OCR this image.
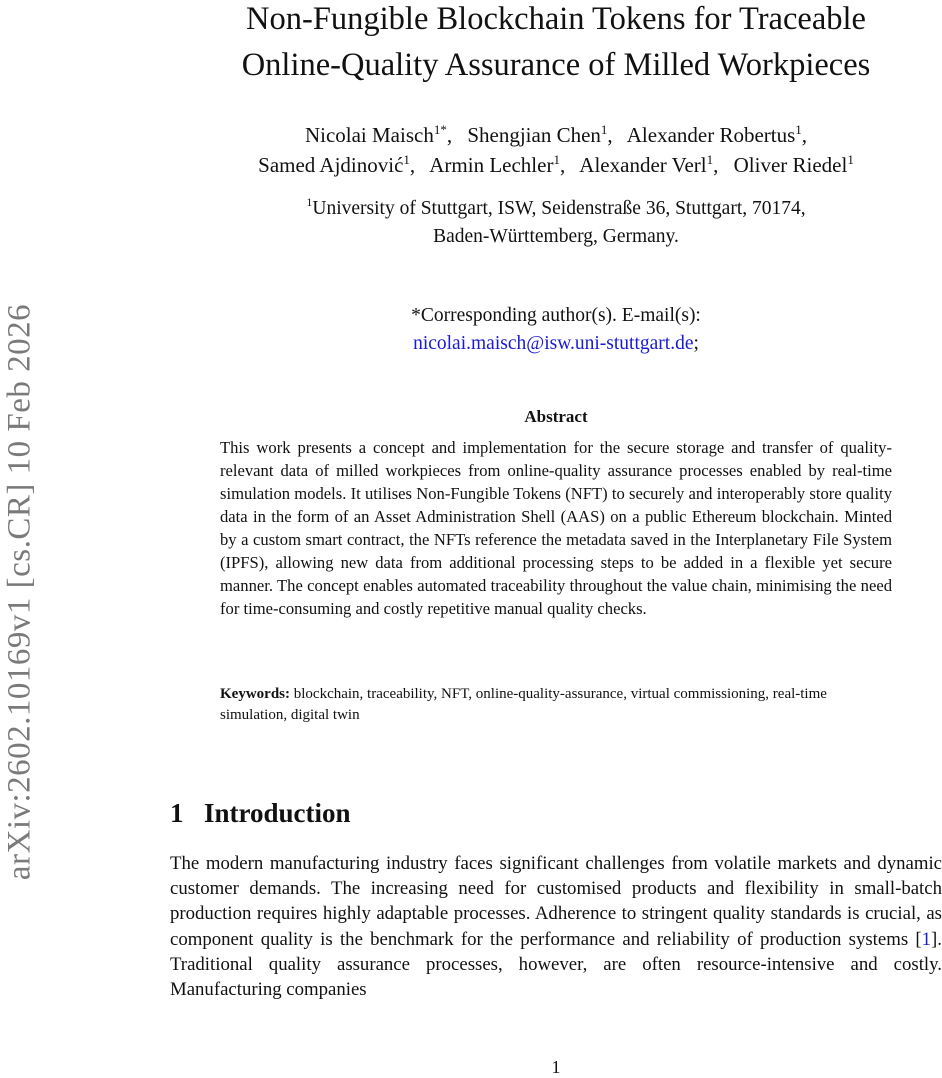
arXiv:2602.10169v1 [cs.CR] 10 Feb 2026
Non-Fungible Blockchain Tokens for Traceable
Online-Quality Assurance of Milled Workpieces
Nicolai Maisch$^{1*}$, Shengjian Chen$^1$, Alexander Robertus$^1$,
Samed Ajdinović$^1$, Armin Lechler$^1$, Alexander Verl$^1$, Oliver Riedel$^1$
$^1$University of Stuttgart, ISW, Seidenstraße 36, Stuttgart, 70174,
Baden-Württemberg, Germany.
*Corresponding author(s). E-mail(s):
nicolai.maisch@isw.uni-stuttgart.de;
Abstract
This work presents a concept and implementation for the secure storage and transfer of quality-relevant data of milled workpieces from online-quality assurance processes enabled by real-time simulation models. It utilises Non-Fungible Tokens (NFT) to securely and interoperably store quality data in the form of an Asset Administration Shell (AAS) on a public Ethereum blockchain. Minted by a custom smart contract, the NFTs reference the metadata saved in the Interplanetary File System (IPFS), allowing new data from additional processing steps to be added in a flexible yet secure manner. The concept enables automated traceability throughout the value chain, minimising the need for time-consuming and costly repetitive manual quality checks.
Keywords: blockchain, traceability, NFT, online-quality-assurance, virtual commissioning, real-time simulation, digital twin
1 Introduction
The modern manufacturing industry faces significant challenges from volatile markets and dynamic customer demands. The increasing need for customised products and flexibility in small-batch production requires highly adaptable processes. Adherence to stringent quality standards is crucial, as component quality is the benchmark for the performance and reliability of production systems [1]. Traditional quality assurance processes, however, are often resource-intensive and costly. Manufacturing companies
1
